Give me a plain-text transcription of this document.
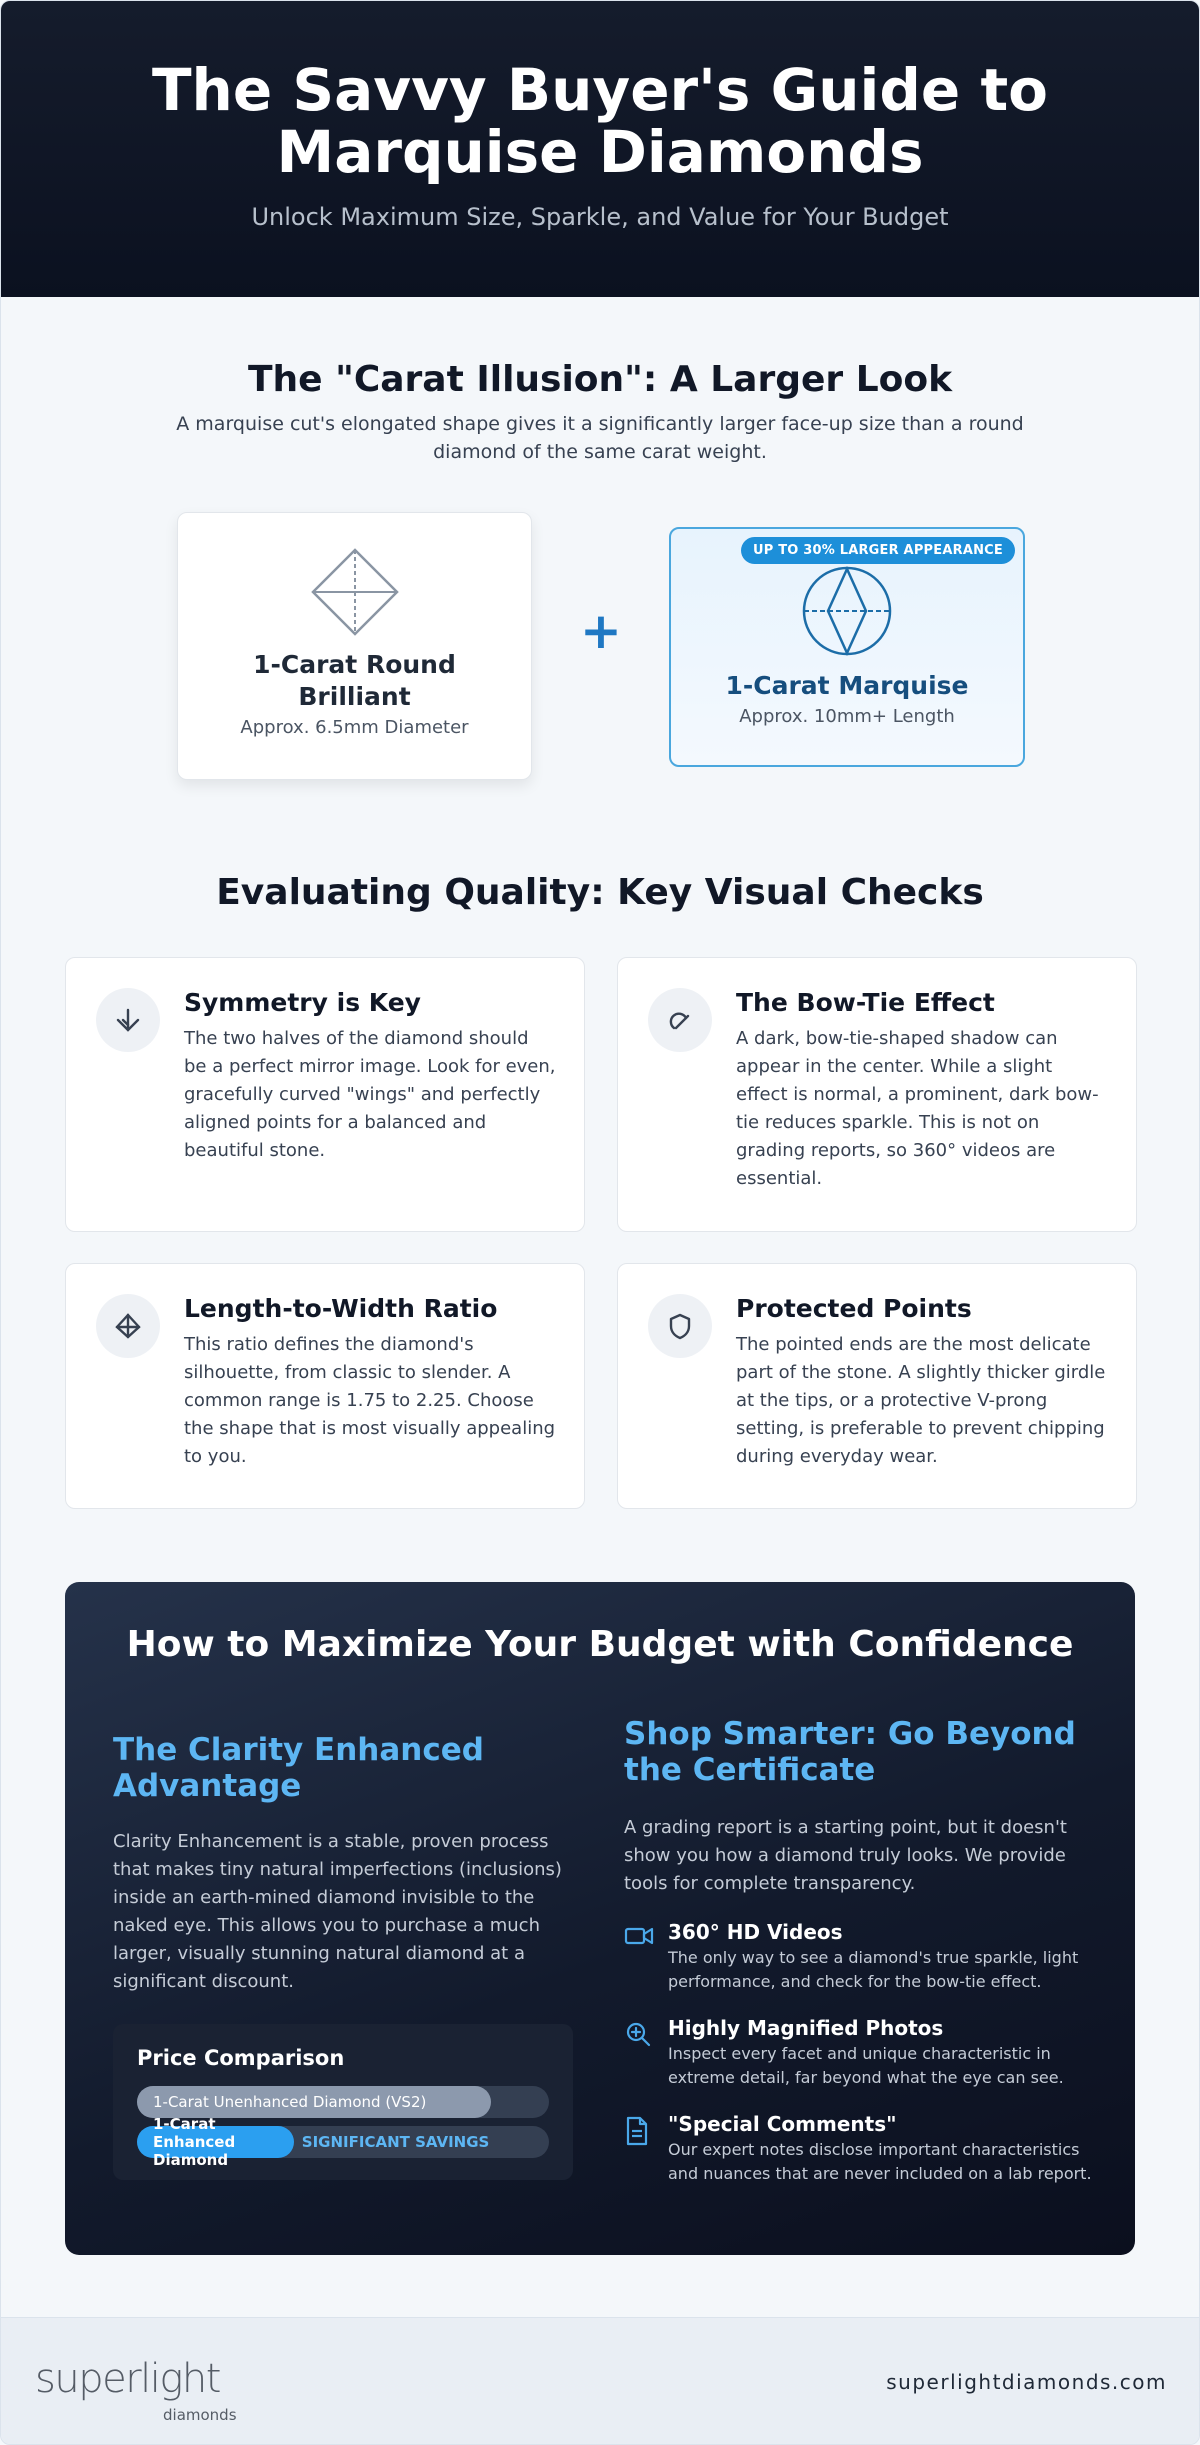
The Savvy Buyer's Guide to Marquise Diamonds

Unlock Maximum Size, Sparkle, and Value for Your Budget

The "Carat Illusion": A Larger Look

A marquise cut's elongated shape gives it a significantly larger face-up size than a round diamond of the same carat weight.

1-Carat Round Brilliant
Approx. 6.5mm Diameter
+
UP TO 30% LARGER APPEARANCE
1-Carat Marquise
Approx. 10mm+ Length
Evaluating Quality: Key Visual Checks
Symmetry is Key
The two halves of the diamond should be a perfect mirror image. Look for even, gracefully curved "wings" and perfectly aligned points for a balanced and beautiful stone.
The Bow-Tie Effect
A dark, bow-tie-shaped shadow can appear in the center. While a slight effect is normal, a prominent, dark bow-tie reduces sparkle. This is not on grading reports, so 360° videos are essential.
Length-to-Width Ratio
This ratio defines the diamond's silhouette, from classic to slender. A common range is 1.75 to 2.25. Choose the shape that is most visually appealing to you.
Protected Points
The pointed ends are the most delicate part of the stone. A slightly thicker girdle at the tips, or a protective V-prong setting, is preferable to prevent chipping during everyday wear.
How to Maximize Your Budget with Confidence
The Clarity Enhanced Advantage
Clarity Enhancement is a stable, proven process that makes tiny natural imperfections (inclusions) inside an earth-mined diamond invisible to the naked eye. This allows you to purchase a much larger, visually stunning natural diamond at a significant discount.
Price Comparison
1-Carat Unenhanced Diamond (VS2)
1-Carat Enhanced Diamond
SIGNIFICANT SAVINGS
Shop Smarter: Go Beyond the Certificate
A grading report is a starting point, but it doesn't show you how a diamond truly looks. We provide tools for complete transparency.
360° HD Videos
The only way to see a diamond's true sparkle, light performance, and check for the bow-tie effect.
Highly Magnified Photos
Inspect every facet and unique characteristic in extreme detail, far beyond what the eye can see.
"Special Comments"
Our expert notes disclose important characteristics and nuances that are never included on a lab report.
superlight
diamonds
superlightdiamonds.com
